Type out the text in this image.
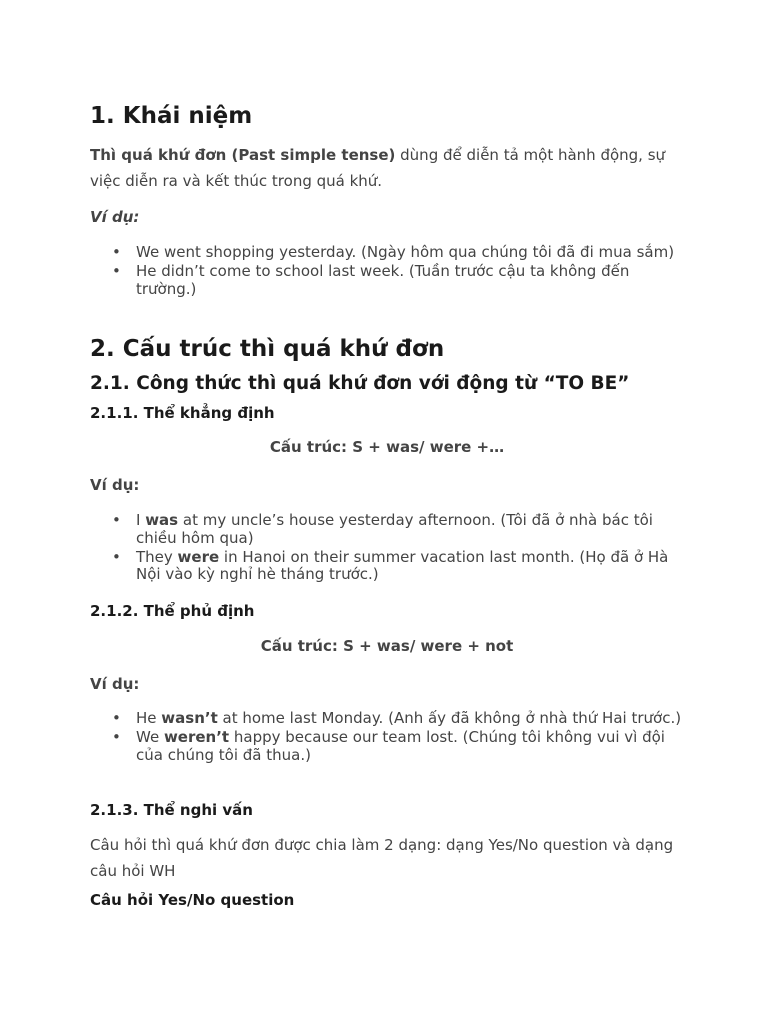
1. Khái niệm
Thì quá khứ đơn (Past simple tense) dùng để diễn tả một hành động, sự việc diễn ra và kết thúc trong quá khứ.
Ví dụ:
• We went shopping yesterday. (Ngày hôm qua chúng tôi đã đi mua sắm)
• He didn’t come to school last week. (Tuần trước cậu ta không đến trường.)
2. Cấu trúc thì quá khứ đơn
2.1. Công thức thì quá khứ đơn với động từ “TO BE”
2.1.1. Thể khẳng định
Cấu trúc: S + was/ were +…
Ví dụ:
• I was at my uncle’s house yesterday afternoon. (Tôi đã ở nhà bác tôi chiều hôm qua)
• They were in Hanoi on their summer vacation last month. (Họ đã ở Hà Nội vào kỳ nghỉ hè tháng trước.)
2.1.2. Thể phủ định
Cấu trúc: S + was/ were + not
Ví dụ:
• He wasn’t at home last Monday. (Anh ấy đã không ở nhà thứ Hai trước.)
• We weren’t happy because our team lost. (Chúng tôi không vui vì đội của chúng tôi đã thua.)
2.1.3. Thể nghi vấn
Câu hỏi thì quá khứ đơn được chia làm 2 dạng: dạng Yes/No question và dạng câu hỏi WH
Câu hỏi Yes/No question
